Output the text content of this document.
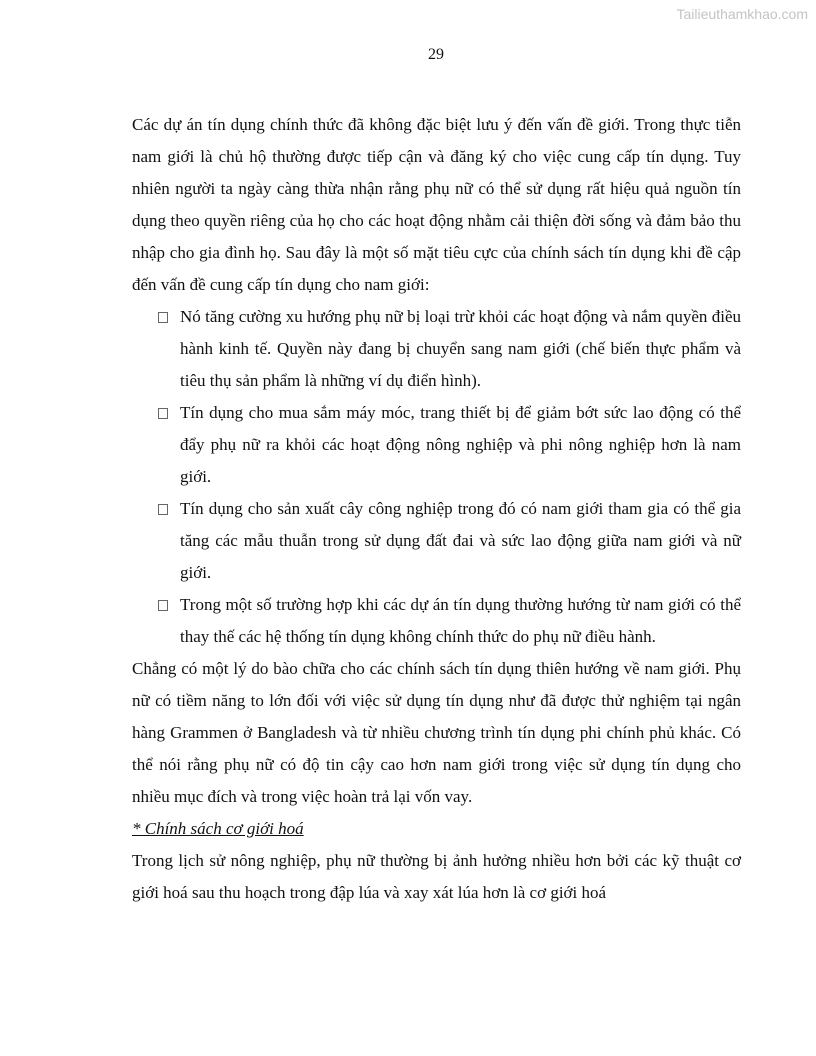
Tailieuthamkhao.com
29

Các dự án tín dụng chính thức đã không đặc biệt lưu ý đến vấn đề giới. Trong thực tiễn nam giới là chủ hộ thường được tiếp cận và đăng ký cho việc cung cấp tín dụng. Tuy nhiên người ta ngày càng thừa nhận rằng phụ nữ có thể sử dụng rất hiệu quả nguồn tín dụng theo quyền riêng của họ cho các hoạt động nhằm cải thiện đời sống và đảm bảo thu nhập cho gia đình họ. Sau đây là một số mặt tiêu cực của chính sách tín dụng khi đề cập đến vấn đề cung cấp tín dụng cho nam giới:

Nó tăng cường xu hướng phụ nữ bị loại trừ khỏi các hoạt động và nắm quyền điều hành kinh tế. Quyền này đang bị chuyển sang nam giới (chế biến thực phẩm và tiêu thụ sản phẩm là những ví dụ điển hình).
Tín dụng cho mua sắm máy móc, trang thiết bị để giảm bớt sức lao động có thể đẩy phụ nữ ra khỏi các hoạt động nông nghiệp và phi nông nghiệp hơn là nam giới.
Tín dụng cho sản xuất cây công nghiệp trong đó có nam giới tham gia có thể gia tăng các mẫu thuẫn trong sử dụng đất đai và sức lao động giữa nam giới và nữ giới.
Trong một số trường hợp khi các dự án tín dụng thường hướng từ nam giới có thể thay thế các hệ thống tín dụng không chính thức do phụ nữ điều hành.

Chẳng có một lý do bào chữa cho các chính sách tín dụng thiên hướng về nam giới. Phụ nữ có tiềm năng to lớn đối với việc sử dụng tín dụng như đã được thử nghiệm tại ngân hàng Grammen ở Bangladesh và từ nhiều chương trình tín dụng phi chính phủ khác. Có thể nói rằng phụ nữ có độ tin cậy cao hơn nam giới trong việc sử dụng tín dụng cho nhiều mục đích và trong việc hoàn trả lại vốn vay.

* Chính sách cơ giới hoá

Trong lịch sử nông nghiệp, phụ nữ thường bị ảnh hưởng nhiều hơn bởi các kỹ thuật cơ giới hoá sau thu hoạch trong đập lúa và xay xát lúa hơn là cơ giới hoá
